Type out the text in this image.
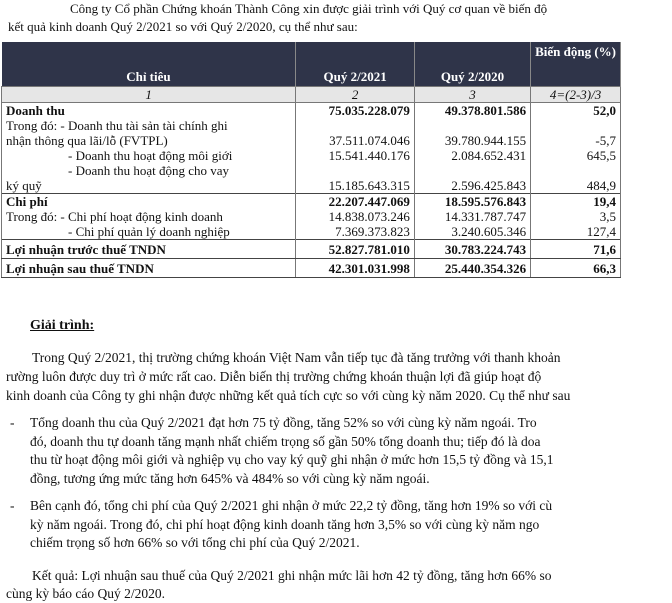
Công ty Cổ phần Chứng khoán Thành Công xin được giải trình với Quý cơ quan về biến độ
kết quả kinh doanh Quý 2/2021 so với Quý 2/2020, cụ thể như sau:
Chỉ tiêu	Quý 2/2021	Quý 2/2020	Biến động (%)
1	2	3	4=(2-3)/3
Doanh thu	75.035.228.079	49.378.801.586	52,0
Trong đó: - Doanh thu tài sản tài chính ghi			
nhận thông qua lãi/lỗ (FVTPL)	37.511.074.046	39.780.944.155	-5,7
- Doanh thu hoạt động môi giới	15.541.440.176	2.084.652.431	645,5
- Doanh thu hoạt động cho vay			
ký quỹ	15.185.643.315	2.596.425.843	484,9
Chi phí	22.207.447.069	18.595.576.843	19,4
Trong đó: - Chi phí hoạt động kinh doanh	14.838.073.246	14.331.787.747	3,5
- Chi phí quản lý doanh nghiệp	7.369.373.823	3.240.605.346	127,4
Lợi nhuận trước thuế TNDN	52.827.781.010	30.783.224.743	71,6
Lợi nhuận sau thuế TNDN	42.301.031.998	25.440.354.326	66,3
Giải trình:
Trong Quý 2/2021, thị trường chứng khoán Việt Nam vẫn tiếp tục đà tăng trưởng với thanh khoản
rường luôn được duy trì ở mức rất cao. Diễn biến thị trường chứng khoán thuận lợi đã giúp hoạt độ
kinh doanh của Công ty ghi nhận được những kết quả tích cực so với cùng kỳ năm 2020. Cụ thể như sau
- Tổng doanh thu của Quý 2/2021 đạt hơn 75 tỷ đồng, tăng 52% so với cùng kỳ năm ngoái. Tro
đó, doanh thu tự doanh tăng mạnh nhất chiếm trọng số gần 50% tổng doanh thu; tiếp đó là doa
thu từ hoạt động môi giới và nghiệp vụ cho vay ký quỹ ghi nhận ở mức hơn 15,5 tỷ đồng và 15,1
đồng, tương ứng mức tăng hơn 645% và 484% so với cùng kỳ năm ngoái.
- Bên cạnh đó, tổng chi phí của Quý 2/2021 ghi nhận ở mức 22,2 tỷ đồng, tăng hơn 19% so với cù
kỳ năm ngoái. Trong đó, chi phí hoạt động kinh doanh tăng hơn 3,5% so với cùng kỳ năm ngo
chiếm trọng số hơn 66% so với tổng chi phí của Quý 2/2021.
Kết quả: Lợi nhuận sau thuế của Quý 2/2021 ghi nhận mức lãi hơn 42 tỷ đồng, tăng hơn 66% so
cùng kỳ báo cáo Quý 2/2020.
